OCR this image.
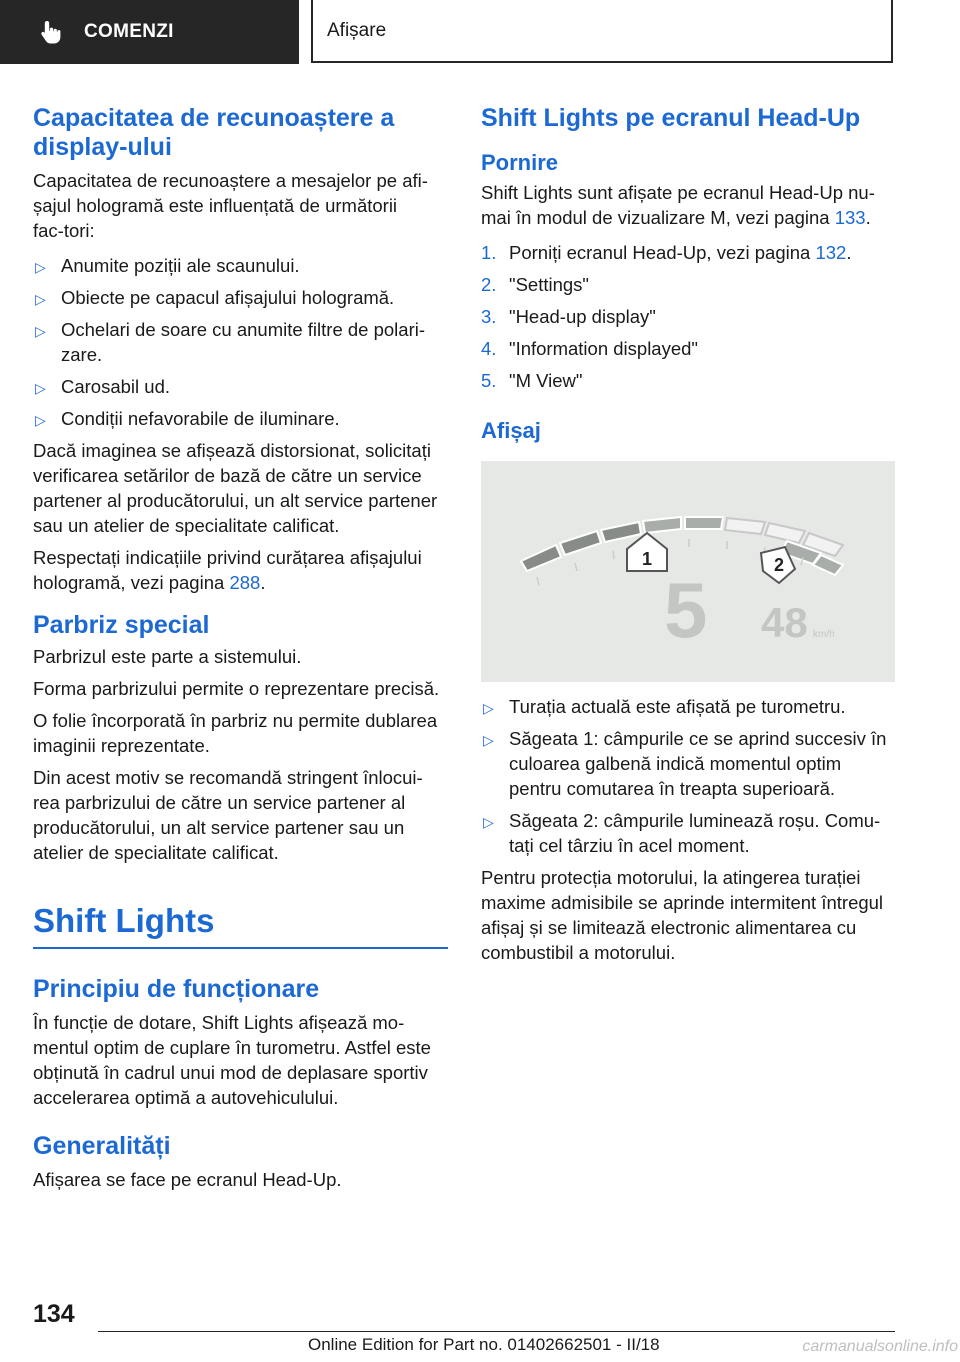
COMENZI	Afișare
Capacitatea de recunoaștere a display-ului

Capacitatea de recunoaștere a mesajelor pe afi-șajul hologramă este influențată de următorii fac-tori:

▷ Anumite poziții ale scaunului.
▷ Obiecte pe capacul afișajului hologramă.
▷ Ochelari de soare cu anumite filtre de polari-zare.
▷ Carosabil ud.
▷ Condiții nefavorabile de iluminare.

Dacă imaginea se afișează distorsionat, solicitați verificarea setărilor de bază de către un service partener al producătorului, un alt service partener sau un atelier de specialitate calificat.

Respectați indicațiile privind curățarea afișajului hologramă, vezi pagina 288.

Parbriz special

Parbrizul este parte a sistemului.

Forma parbrizului permite o reprezentare precisă.

O folie încorporată în parbriz nu permite dublarea imaginii reprezentate.

Din acest motiv se recomandă stringent înlocui-rea parbrizului de către un service partener al producătorului, un alt service partener sau un atelier de specialitate calificat.

Shift Lights
Principiu de funcționare

În funcție de dotare, Shift Lights afișează mo-mentul optim de cuplare în turometru. Astfel este obținută în cadrul unui mod de deplasare sportiv accelerarea optimă a autovehiculului.

Generalități

Afișarea se face pe ecranul Head-Up.

Shift Lights pe ecranul Head-Up
Pornire

Shift Lights sunt afișate pe ecranul Head-Up nu-mai în modul de vizualizare M, vezi pagina 133.

1. Porniți ecranul Head-Up, vezi pagina 132.
2. "Settings"
3. "Head-up display"
4. "Information displayed"
5. "M View"
Afișaj
1	2
5 48 km/h
▷ Turația actuală este afișată pe turometru.
▷ Săgeata 1: câmpurile ce se aprind succesiv în culoarea galbenă indică momentul optim pentru comutarea în treapta superioară.
▷ Săgeata 2: câmpurile luminează roșu. Comu-tați cel târziu în acel moment.

Pentru protecția motorului, la atingerea turației maxime admisibile se aprinde intermitent întregul afișaj și se limitează electronic alimentarea cu combustibil a motorului.

134
Online Edition for Part no. 01402662501 - II/18	carmanualsonline.info
